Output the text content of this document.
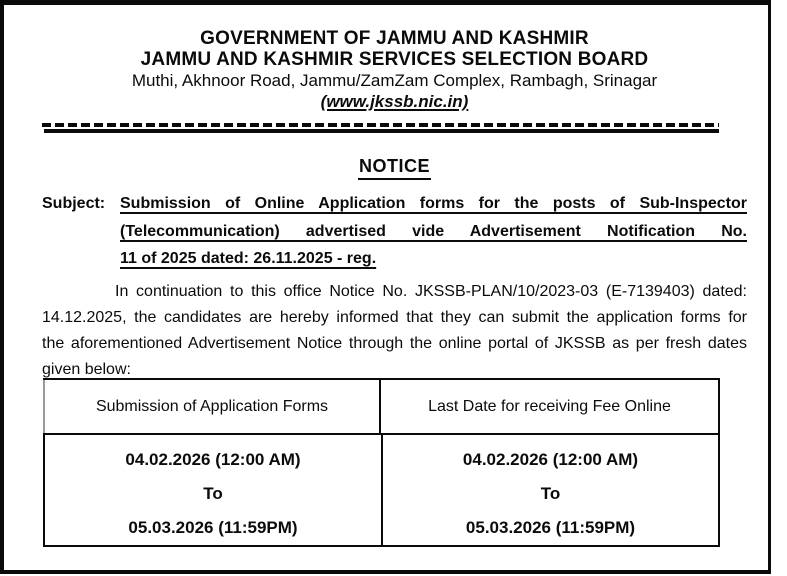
GOVERNMENT OF JAMMU AND KASHMIR
JAMMU AND KASHMIR SERVICES SELECTION BOARD
Muthi, Akhnoor Road, Jammu/ZamZam Complex, Rambagh, Srinagar
(www.jkssb.nic.in)
NOTICE
Subject: Submission of Online Application forms for the posts of Sub-Inspector
(Telecommunication) advertised vide Advertisement Notification No.
11 of 2025 dated: 26.11.2025 - reg.
In continuation to this office Notice No. JKSSB-PLAN/10/2023-03 (E-7139403) dated:
14.12.2025, the candidates are hereby informed that they can submit the application forms for
the aforementioned Advertisement Notice through the online portal of JKSSB as per fresh dates
given below:
Submission of Application Forms	Last Date for receiving Fee Online
04.02.2026 (12:00 AM)
To
05.03.2026 (11:59PM)
04.02.2026 (12:00 AM)
To
05.03.2026 (11:59PM)
